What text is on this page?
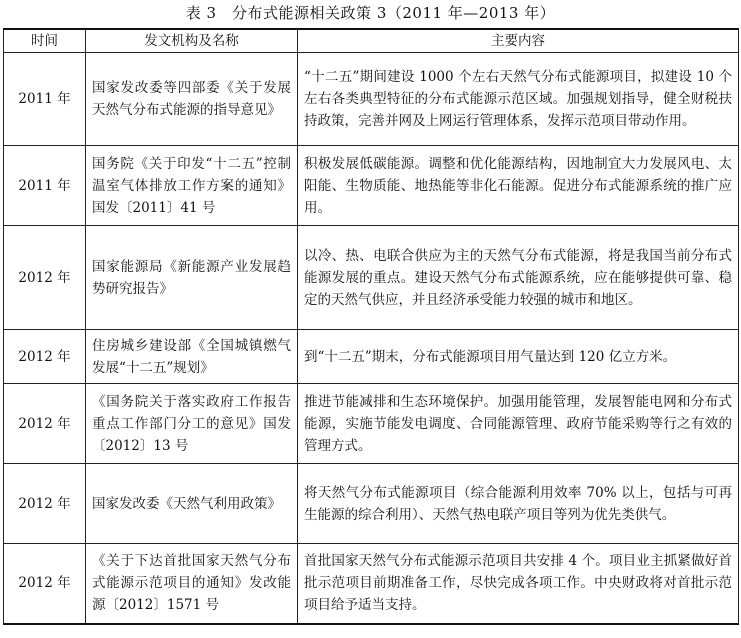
表 3　分布式能源相关政策 3（2011 年—2013 年）
时间	发文机构及名称	主要内容
2011 年	国家发改委等四部委《关于发展天然气分布式能源的指导意见》	“十二五”期间建设 1000 个左右天然气分布式能源项目，拟建设 10 个左右各类典型特征的分布式能源示范区域。加强规划指导，健全财税扶持政策，完善并网及上网运行管理体系，发挥示范项目带动作用。
2011 年	国务院《关于印发“十二五”控制温室气体排放工作方案的通知》国发〔2011〕41 号	积极发展低碳能源。调整和优化能源结构，因地制宜大力发展风电、太阳能、生物质能、地热能等非化石能源。促进分布式能源系统的推广应用。
2012 年	国家能源局《新能源产业发展趋势研究报告》	以冷、热、电联合供应为主的天然气分布式能源，将是我国当前分布式能源发展的重点。建设天然气分布式能源系统，应在能够提供可靠、稳定的天然气供应，并且经济承受能力较强的城市和地区。
2012 年	住房城乡建设部《全国城镇燃气发展“十二五”规划》	到“十二五”期末，分布式能源项目用气量达到 120 亿立方米。
2012 年	《国务院关于落实政府工作报告重点工作部门分工的意见》国发〔2012〕13 号	推进节能减排和生态环境保护。加强用能管理，发展智能电网和分布式能源，实施节能发电调度、合同能源管理、政府节能采购等行之有效的管理方式。
2012 年	国家发改委《天然气利用政策》	将天然气分布式能源项目（综合能源利用效率 70% 以上，包括与可再生能源的综合利用）、天然气热电联产项目等列为优先类供气。
2012 年	《关于下达首批国家天然气分布式能源示范项目的通知》发改能源〔2012〕1571 号	首批国家天然气分布式能源示范项目共安排 4 个。项目业主抓紧做好首批示范项目前期准备工作，尽快完成各项工作。中央财政将对首批示范项目给予适当支持。
